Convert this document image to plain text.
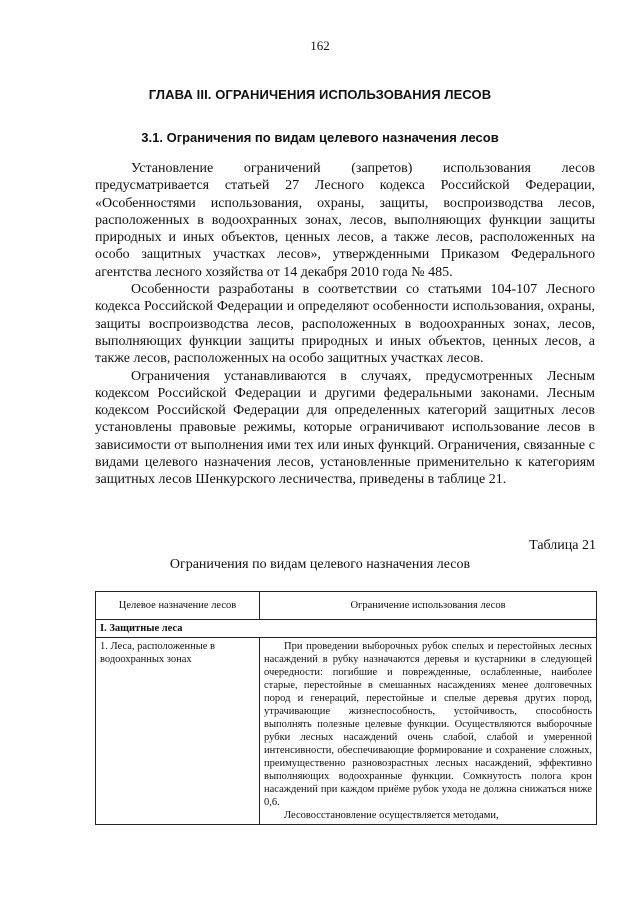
162
ГЛАВА III. ОГРАНИЧЕНИЯ ИСПОЛЬЗОВАНИЯ ЛЕСОВ
3.1. Ограничения по видам целевого назначения лесов

Установление ограничений (запретов) использования лесов предусматривается статьей 27 Лесного кодекса Российской Федерации, «Особенностями использования, охраны, защиты, воспроизводства лесов, расположенных в водоохранных зонах, лесов, выполняющих функции защиты природных и иных объектов, ценных лесов, а также лесов, расположенных на особо защитных участках лесов», утвержденными Приказом Федерального агентства лесного хозяйства от 14 декабря 2010 года № 485.

Особенности разработаны в соответствии со статьями 104-107 Лесного кодекса Российской Федерации и определяют особенности использования, охраны, защиты воспроизводства лесов, расположенных в водоохранных зонах, лесов, выполняющих функции защиты природных и иных объектов, ценных лесов, а также лесов, расположенных на особо защитных участках лесов.

Ограничения устанавливаются в случаях, предусмотренных Лесным кодексом Российской Федерации и другими федеральными законами. Лесным кодексом Российской Федерации для определенных категорий защитных лесов установлены правовые режимы, которые ограничивают использование лесов в зависимости от выполнения ими тех или иных функций. Ограничения, связанные с видами целевого назначения лесов, установленные применительно к категориям защитных лесов Шенкурского лесничества, приведены в таблице 21.

Таблица 21
Ограничения по видам целевого назначения лесов
Целевое назначение лесов	Ограничение использования лесов
I. Защитные леса	
1. Леса, расположенные в водоохранных зонах	При проведении выборочных рубок спелых и перестойных лесных насаждений в рубку назначаются деревья и кустарники в следующей очередности: погибшие и поврежденные, ослабленные, наиболее старые, перестойные в смешанных насаждениях менее долговечных пород и генераций, перестойные и спелые деревья других пород, утрачивающие жизнеспособность, устойчивость, способность выполнять полезные целевые функции. Осуществляются выборочные рубки лесных насаждений очень слабой, слабой и умеренной интенсивности, обеспечивающие формирование и сохранение сложных, преимущественно разновозрастных лесных насаждений, эффективно выполняющих водоохранные функции. Сомкнутость полога крон насаждений при каждом приёме рубок ухода не должна снижаться ниже 0,6.

Лесовосстановление осуществляется методами,
